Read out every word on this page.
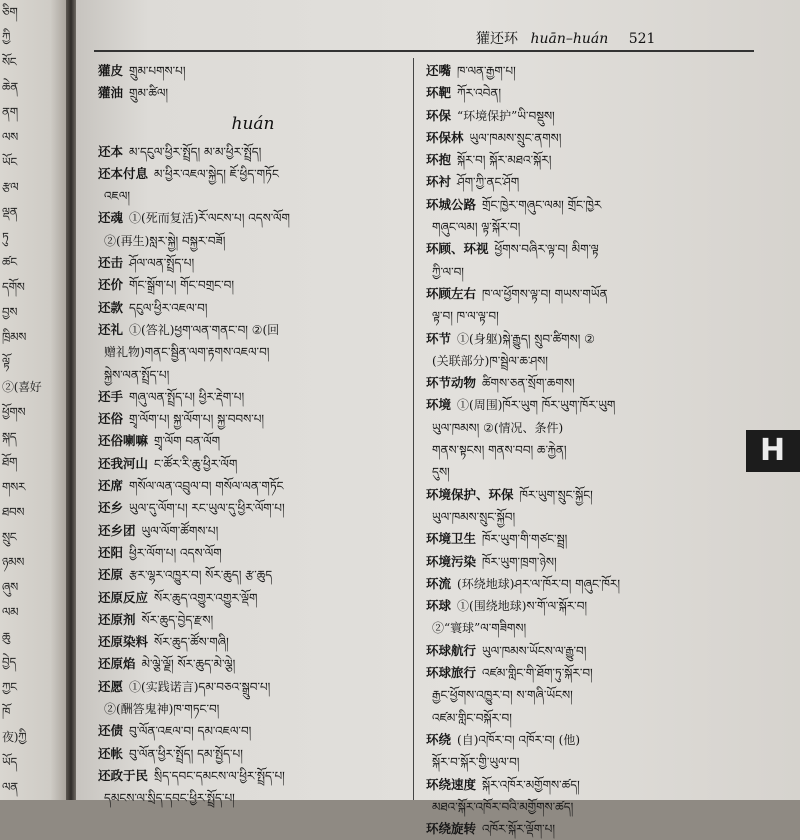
ཅིག
ཀྱི
སོང
ཆེན
ནག
ལས
ཡོང
རྩལ
ལྡན
ཏུ
ཚང
དགོས
བྱས
ཁྲིམས
ལྟོ
②(喜好
ཕྱོགས
སྐད
ཐོག
གསར
ཐབས
སྲུང
ཉམས
ཞུས
ལམ
ཆུ
བྱེད
ཀྱང
ཁོ
夜)ཀྱི
ཡོད
ལན
獾还环 huān–huán 521
獾皮 གྲུམ་པགས་པ།
獾油 གྲུམ་ཚིལ།
huán
还本 མ་དངུལ་ཕྱིར་སྤྲོད། མ་མ་ཕྱིར་སྤྲོད།
还本付息 མ་ཕྱིར་འཇལ་སྐྱེད། ཇོ་ཕྱིད་གཏོང
འཇལ།
还魂 ①(死而复活)རོ་ལངས་པ། འདས་ལོག
②(再生)སླར་སྐྱེ། བསྐྱར་བཟོ།
还击 ཤོལ་ལན་སྤྲོད་པ།
还价 གོང་སྒྲོག་པ། གོང་བགྲང་བ།
还款 དངུལ་ཕྱིར་འཇལ་བ།
还礼 ①(答礼)ཕྱག་ལན་གནང་བ། ②(回
赠礼物)གནང་སྦྱིན་ལག་རྟགས་འཇལ་བ།
སྐྱེས་ལན་སྤྲོད་པ།
还手 གཞུ་ལན་སྤྲོད་པ། ཕྱིར་རྡེག་པ།
还俗 གྲྭ་ལོག་པ། སྐྱ་ལོག་པ། སྐྱ་བབས་པ།
还俗喇嘛 གྲྭ་ལོག བན་ལོག
还我河山 ང་ཚོར་རི་ཆུ་ཕྱིར་ལོག
还席 གསོལ་ལན་འབྲུལ་བ། གསོལ་ལན་གཏོང
还乡 ཡུལ་དུ་ལོག་པ། རང་ཡུལ་དུ་ཕྱིར་ལོག་པ།
还乡团 ཡུལ་ལོག་ཚོགས་པ།
还阳 ཕྱིར་ལོག་པ། འདས་ལོག
还原 རྩར་ལྷར་འཁྱུར་བ། སོར་ཆུད། རྩ་ཆུད
还原反应 སོར་ཆུད་འགྱུར་འགྱུར་ལྡོག
还原剂 སོར་ཆུད་བྱེད་རྫས།
还原染料 སོར་ཆུད་ཚོས་གཞི།
还原焰 མེ་ལྕེ་ལྗོ། སོར་ཆུད་མེ་ལྕེ།
还愿 ①(实践诺言)དམ་བཅའ་སྒྲུབ་པ།
②(酬答鬼神)ཁ་གཏང་བ།
还债 བུ་ལོན་འཇལ་བ། དམ་འཇལ་བ།
还帐 བུ་ལོན་ཕྱིར་སྤྲོད། དམ་སྤྱོད་པ།
还政于民 སྲིད་དབང་དམངས་ལ་ཕྱིར་སྤྲོད་པ།
དམངས་ལ་སྲིད་དབང་ཕྱིར་སྤྲོད་པ།
还嘴 ཁ་ལན་རྒྱག་པ།
环靶 ཀོར་འབེན།
环保 “环境保护”ཡི་བསྡུས།
环保林 ཡུལ་ཁམས་སྲུང་ནགས།
环抱 སྐོར་བ། སྐོར་མཐའ་སྐོར།
环衬 ཤོག་ཀྱི་ནང་ཤོག
环城公路 གྲོང་ཁྱེར་གཞུང་ལམ། གྲོང་ཁྱེར
གཞུང་ལམ། ལྟ་སྐོར་བ།
环顾、环视 ཕྱོགས་བཞིར་ལྟ་བ། མིག་ལྟ
ཀྱི་ལ་བ།
环顾左右 ཁ་ལ་ཕྱོགས་ལྟ་བ། གཡས་གཡོན
ལྟ་བ། ཁ་ལ་ལྟ་བ།
环节 ①(身躯)སྐེ་རྒྱུད། སྲུབ་ཚིགས། ②
(关联部分)ཁ་སྦྲེལ་ཆ་ཤས།
环节动物 ཚིགས་ཅན་སྲོག་ཆགས།
环境 ①(周围)ཁོར་ཡུག ཁོར་ཡུག་ཁོར་ཡུག
ཡུལ་ཁམས། ②(情况、条件)
གནས་སྟངས། གནས་བབ། ཆ་རྐྱེན།
དུས།
环境保护、环保 ཁོར་ཡུག་སྲུང་སྐྱོང།
ཡུལ་ཁམས་སྲུང་སྐྱོབ།
环境卫生 ཁོར་ཡུག་གི་གཙང་སྦྲ།
环境污染 ཁོར་ཡུག་ཁྲག་ཉེས།
环流 (环绕地球)ཤར་ལ་ཁོར་བ། གཞུང་ཁོར།
环球 ①(围绕地球)ས་གོ་ལ་སྐོར་བ།
②“寰球”ལ་གཟིགས།
环球航行 ཡུལ་ཁམས་ཡོངས་ལ་རྒྱུ་བ།
环球旅行 འཛམ་གླིང་གི་ཐོག་ཏུ་སྐོར་བ།
རྒྱང་ཕྱོགས་འཁྱུར་བ། ས་གཞི་ཡོངས།
འཛམ་གླིང་བསྐོར་བ།
环绕 (自)འཁོར་བ། འཁོར་བ། (他)
སྐོར་བ་སྐོར་གྱི་ཡུལ་བ།
环绕速度 སྐོར་འཁོར་མགྱོགས་ཚད།
མཐའ་སྐོར་འཁོར་བའི་མགྱོགས་ཚད།
环绕旋转 འཁོར་སྐོར་ལྡོག་པ།
H
